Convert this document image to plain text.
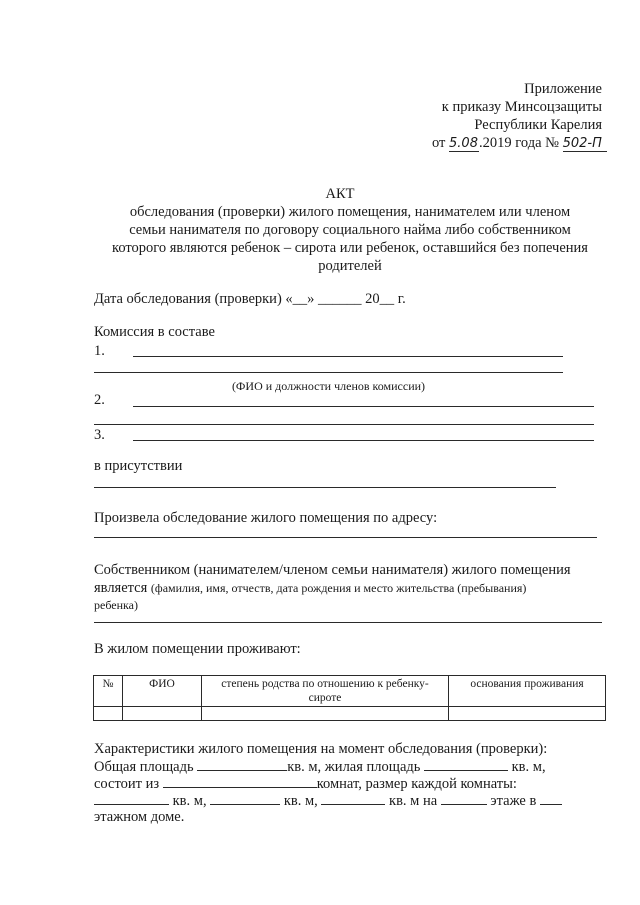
Приложение
к приказу Минсоцзащиты
Республики Карелия
от 5.08.2019 года № 502-П
АКТ
обследования (проверки) жилого помещения, нанимателем или членом
семьи нанимателя по договору социального найма либо собственником
которого являются ребенок – сирота или ребенок, оставшийся без попечения
родителей
Дата обследования (проверки) «__» ______ 20__ г.
Комиссия в составе
1.
(ФИО и должности членов комиссии)
2.
3.
в присутствии
Произвела обследование жилого помещения по адресу:
Собственником (нанимателем/членом семьи нанимателя) жилого помещения
является (фамилия, имя, отчеств, дата рождения и место жительства (пребывания)
ребенка)
В жилом помещении проживают:
№	ФИО	степень родства по отношению к ребенку-сироте	основания проживания

Характеристики жилого помещения на момент обследования (проверки):
Общая площадь	кв. м, жилая площадь	кв. м,
состоит из	комнат, размер каждой комнаты:
кв. м,	кв. м,	кв. м на	этаже в
этажном доме.
